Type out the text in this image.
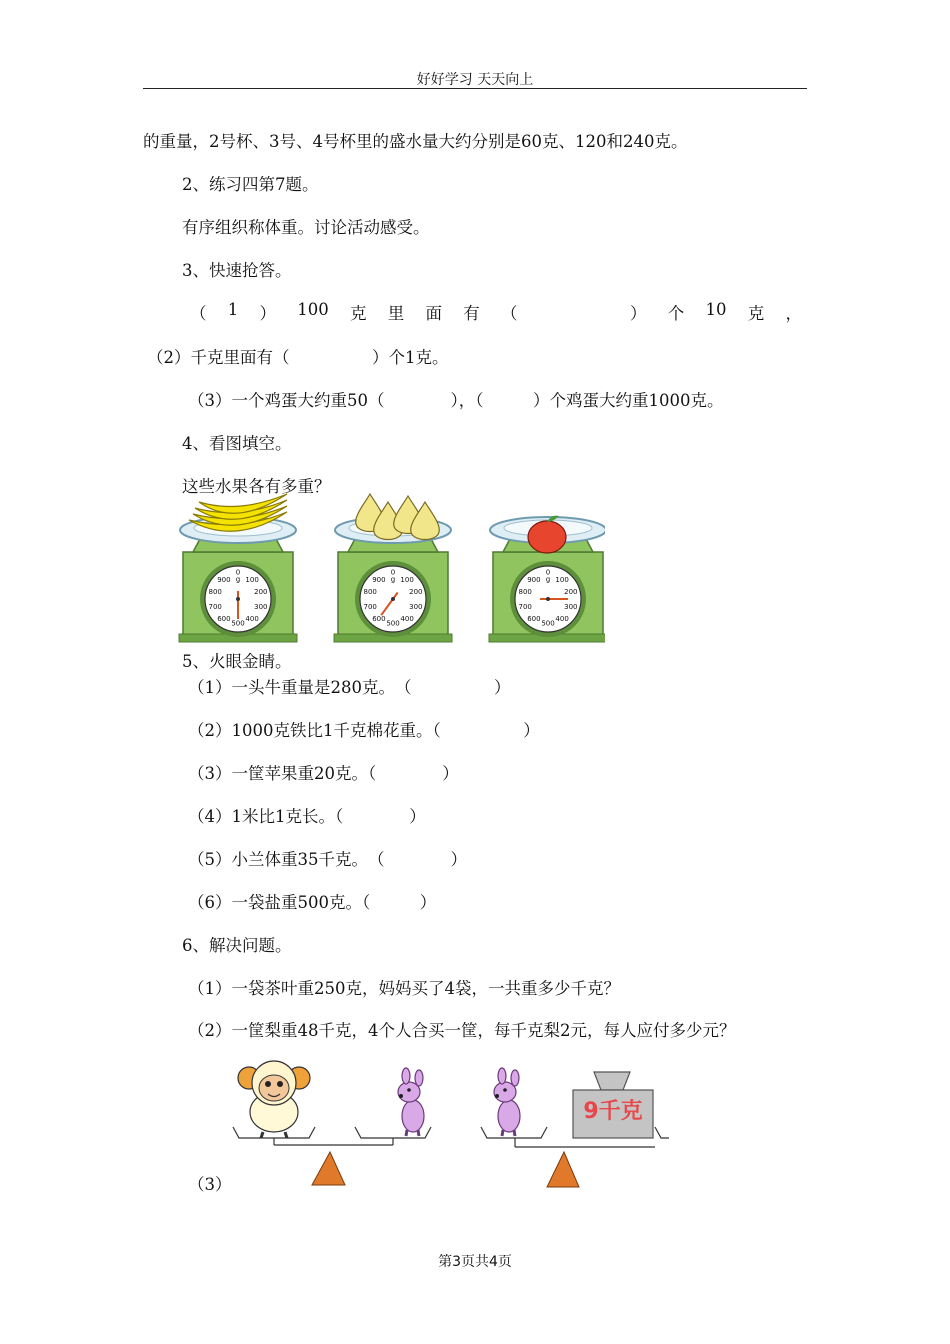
好好学习 天天向上
的重量，2号杯、3号、4号杯里的盛水量大约分别是60克、120和240克。
2、练习四第7题。
有序组织称体重。讨论活动感受。
3、快速抢答。
（ 1 ） 100 克 里 面 有 （	） 个 10 克 ，
（2）千克里面有（　　　　　）个1克。
（3）一个鸡蛋大约重50（　　　　），（　　　）个鸡蛋大约重1000克。
4、看图填空。
这些水果各有多重？
0
g 100
200
300
400
500
600
700
800
900
0
g 100
200
300
400
500
600
700
800
900
0
g 100
200
300
400
500
600
700
800
900
5、火眼金睛。
（1）一头牛重量是280克。　（　　　　　）
（2）1000克铁比1千克棉花重。（　　　　　）
（3）一筐苹果重20克。（　　　　）
（4）1米比1克长。（　　　　）
（5）小兰体重35千克。　（　　　　）
（6）一袋盐重500克。（　　　）
6、解决问题。
（1）一袋茶叶重250克，妈妈买了4袋，一共重多少千克？
（2）一筐梨重48千克，4个人合买一筐，每千克梨2元，每人应付多少元？
（3）
9千克
第3页共4页
